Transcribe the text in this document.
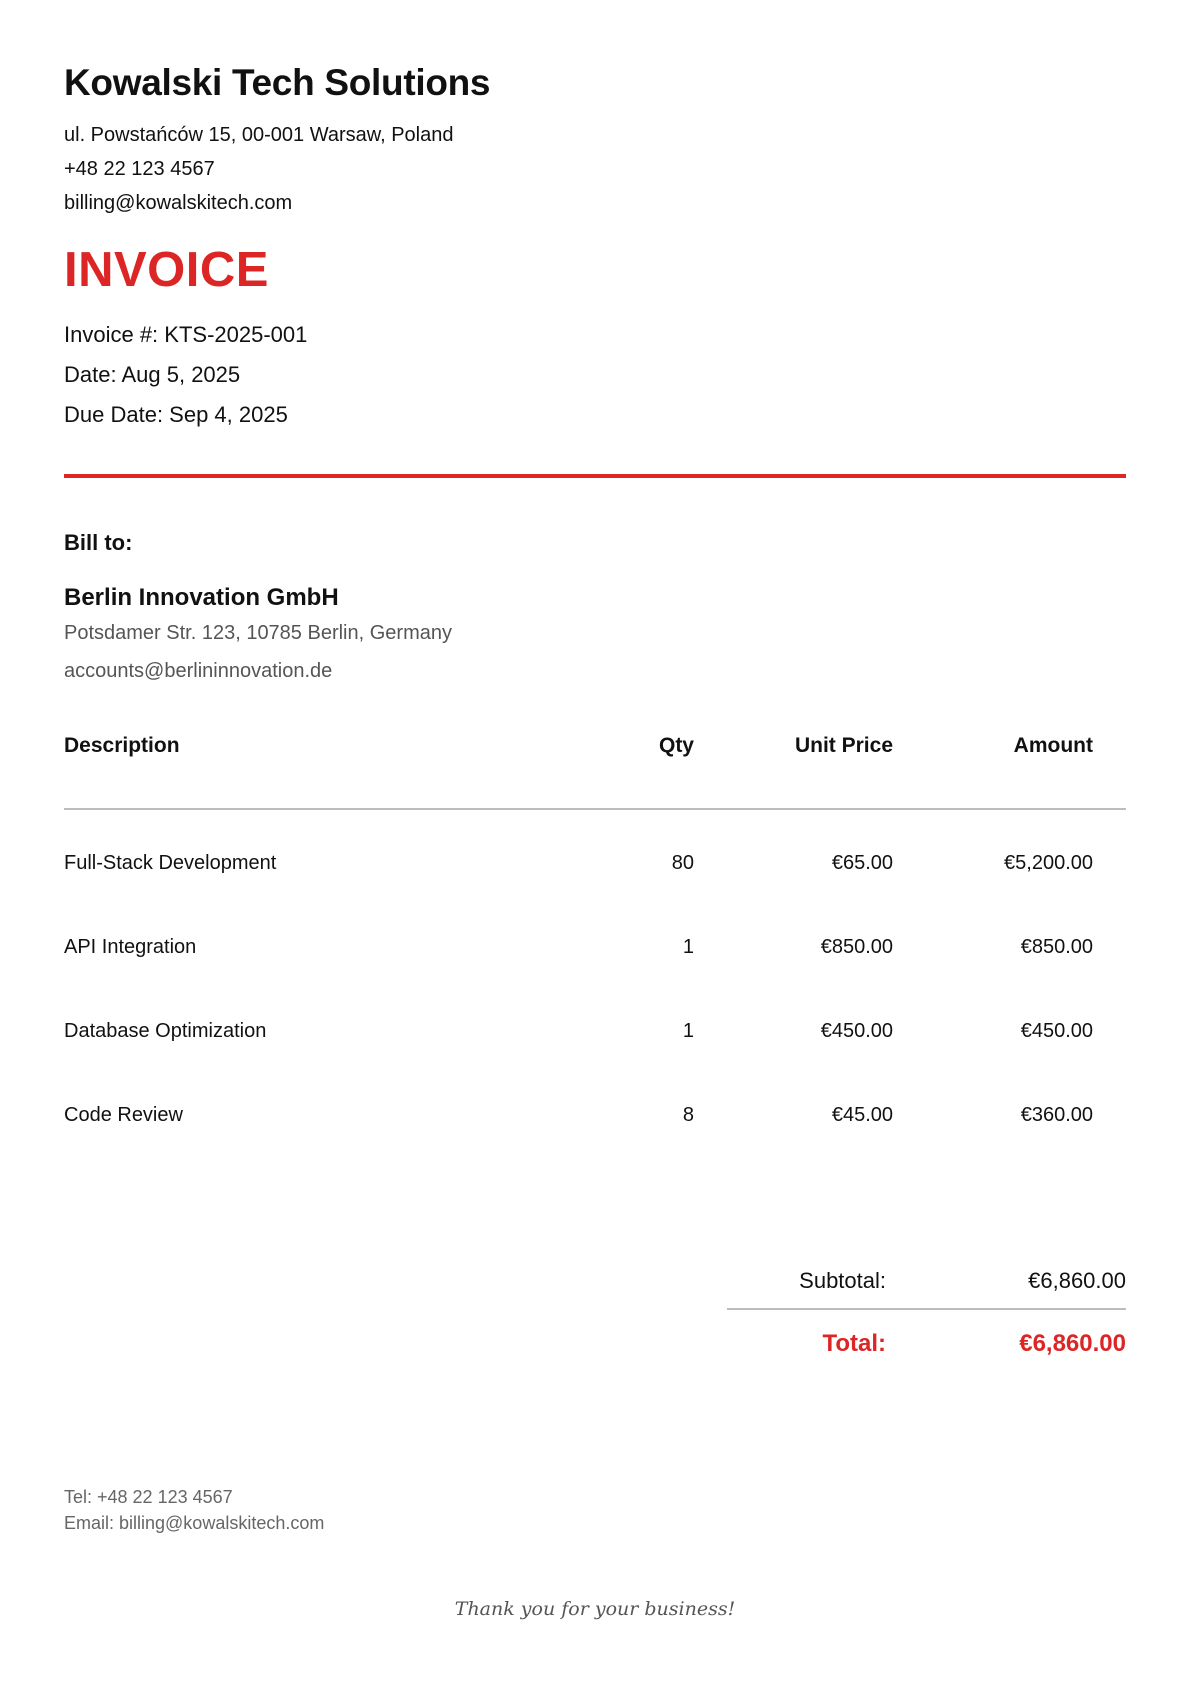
Kowalski Tech Solutions
ul. Powstańców 15, 00-001 Warsaw, Poland
+48 22 123 4567
billing@kowalskitech.com
INVOICE
Invoice #: KTS-2025-001
Date: Aug 5, 2025
Due Date: Sep 4, 2025
Bill to:
Berlin Innovation GmbH
Potsdamer Str. 123, 10785 Berlin, Germany
accounts@berlininnovation.de
Description	Qty	Unit Price	Amount
Full-Stack Development	80	€65.00	€5,200.00
API Integration	1	€850.00	€850.00
Database Optimization	1	€450.00	€450.00
Code Review	8	€45.00	€360.00
Subtotal:	€6,860.00
Total:	€6,860.00
Tel: +48 22 123 4567
Email: billing@kowalskitech.com
Thank you for your business!
